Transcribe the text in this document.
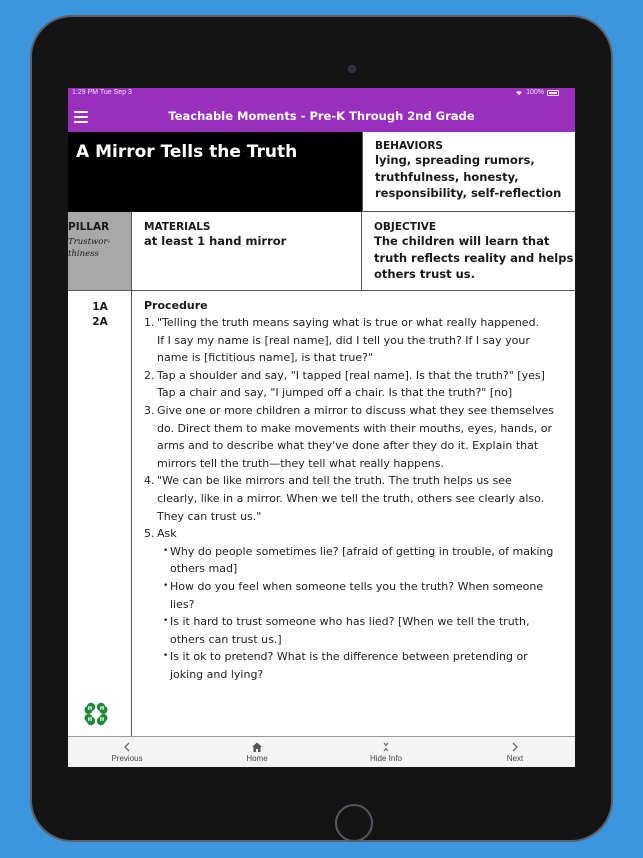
1:29 PM Tue Sep 3	100%
Teachable Moments - Pre-K Through 2nd Grade
A Mirror Tells the Truth	BEHAVIORS
lying, spreading rumors,
truthfulness, honesty,
responsibility, self-reflection
PILLAR
Trustwor-
thiness
MATERIALS
at least 1 hand mirror
OBJECTIVE
The children will learn that
truth reflects reality and helps
others trust us.
1A
2A
H H
H H
Procedure
1. "Telling the truth means saying what is true or what really happened.
If I say my name is [real name], did I tell you the truth? If I say your
name is [fictitious name], is that true?"
2. Tap a shoulder and say, "I tapped [real name]. Is that the truth?" [yes]
Tap a chair and say, "I jumped off a chair. Is that the truth?" [no]
3. Give one or more children a mirror to discuss what they see themselves
do. Direct them to make movements with their mouths, eyes, hands, or
arms and to describe what they've done after they do it. Explain that
mirrors tell the truth—they tell what really happens.
4. "We can be like mirrors and tell the truth. The truth helps us see
clearly, like in a mirror. When we tell the truth, others see clearly also.
They can trust us."
5. Ask
• Why do people sometimes lie? [afraid of getting in trouble, of making
others mad]
• How do you feel when someone tells you the truth? When someone
lies?
• Is it hard to trust someone who has lied? [When we tell the truth,
others can trust us.]
• Is it ok to pretend? What is the difference between pretending or
joking and lying?
Previous	Home	Hide Info	Next
